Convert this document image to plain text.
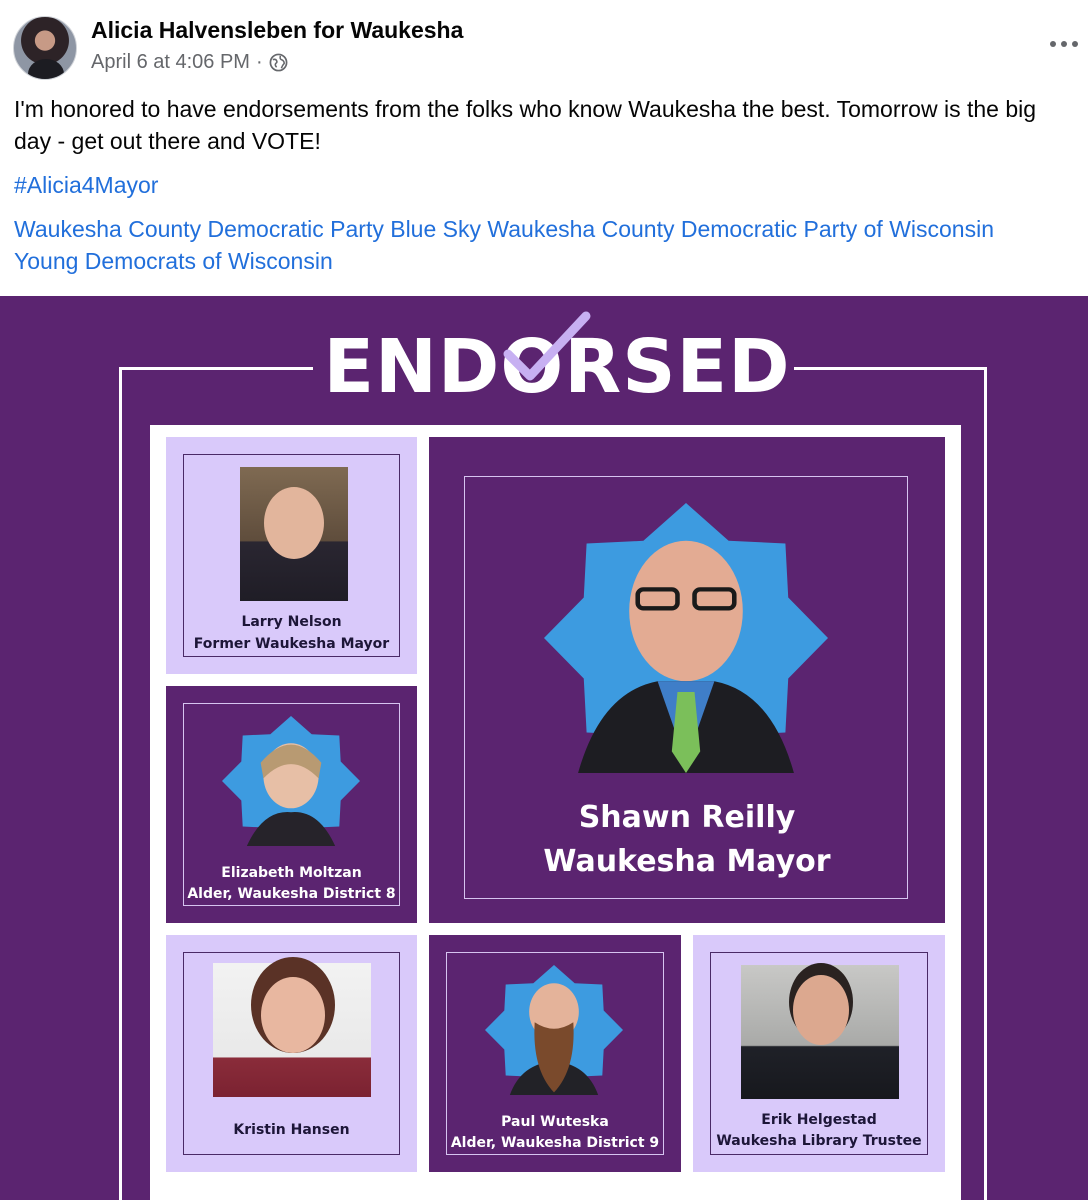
Alicia Halvensleben for Waukesha
April 6 at 4:06 PM ·
I'm honored to have endorsements from the folks who know Waukesha the best. Tomorrow is the big day - get out there and VOTE!
#Alicia4Mayor
Waukesha County Democratic Party Blue Sky Waukesha County Democratic Party of Wisconsin Young Democrats of Wisconsin
ENDORSED
Larry Nelson
Former Waukesha Mayor
Elizabeth Moltzan
Alder, Waukesha District 8
Shawn Reilly
Waukesha Mayor
Kristin Hansen	Paul Wuteska
Alder, Waukesha District 9
Erik Helgestad
Waukesha Library Trustee
